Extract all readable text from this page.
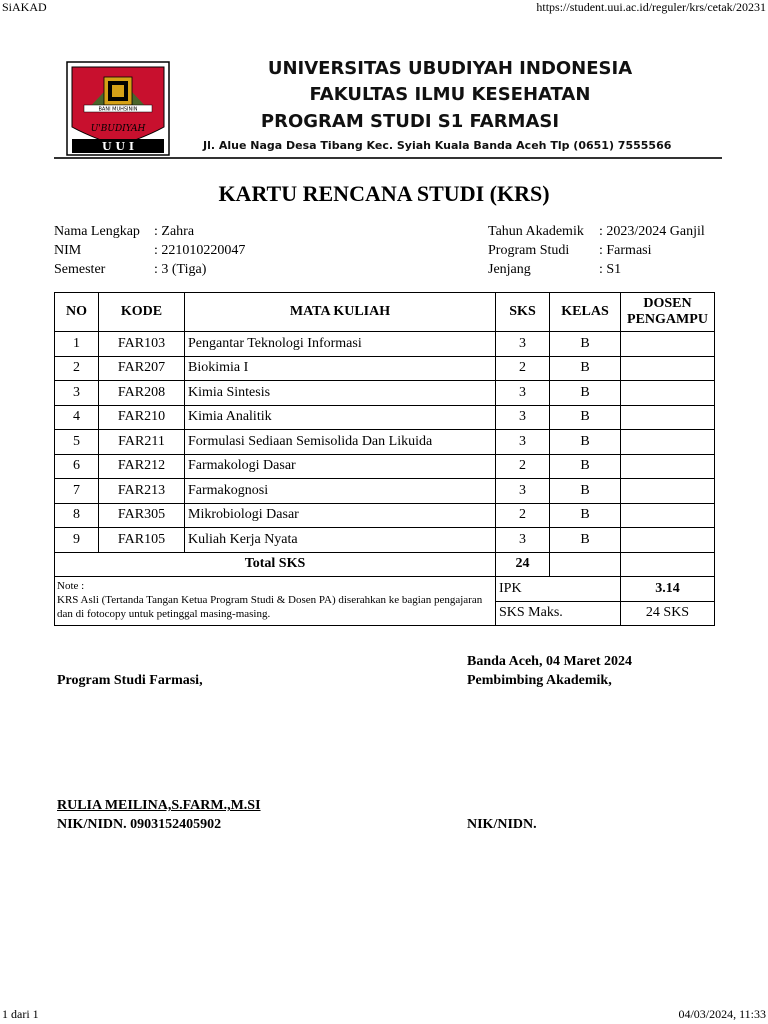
SiAKAD	https://student.uui.ac.id/reguler/krs/cetak/20231
BANI MUHSININ
U'BUDIYAH
U U I
UNIVERSITAS UBUDIYAH INDONESIA
FAKULTAS ILMU KESEHATAN
PROGRAM STUDI S1 FARMASI
Jl. Alue Naga Desa Tibang Kec. Syiah Kuala Banda Aceh Tlp (0651) 7555566
KARTU RENCANA STUDI (KRS)
Nama Lengkap	: Zahra
NIM	: 221010220047
Semester	: 3 (Tiga)
Tahun Akademik	: 2023/2024 Ganjil
Program Studi	: Farmasi
Jenjang	: S1
NO	KODE	MATA KULIAH	SKS	KELAS	DOSEN
PENGAMPU
1	FAR103	Pengantar Teknologi Informasi	3	B	
2	FAR207	Biokimia I	2	B	
3	FAR208	Kimia Sintesis	3	B	
4	FAR210	Kimia Analitik	3	B	
5	FAR211	Formulasi Sediaan Semisolida Dan Likuida	3	B	
6	FAR212	Farmakologi Dasar	2	B	
7	FAR213	Farmakognosi	3	B	
8	FAR305	Mikrobiologi Dasar	2	B	
9	FAR105	Kuliah Kerja Nyata	3	B	
Total SKS			24		

Note :
KRS Asli (Tertanda Tangan Ketua Program Studi & Dosen PA) diserahkan ke bagian pengajaran dan di fotocopy untuk petinggal masing-masing.			IPK		3.14
			SKS Maks.		24 SKS
Banda Aceh, 04 Maret 2024
Program Studi Farmasi,	Pembimbing Akademik,
RULIA MEILINA,S.FARM.,M.SI
NIK/NIDN. 0903152405902	NIK/NIDN.
1 dari 1	04/03/2024, 11:33
